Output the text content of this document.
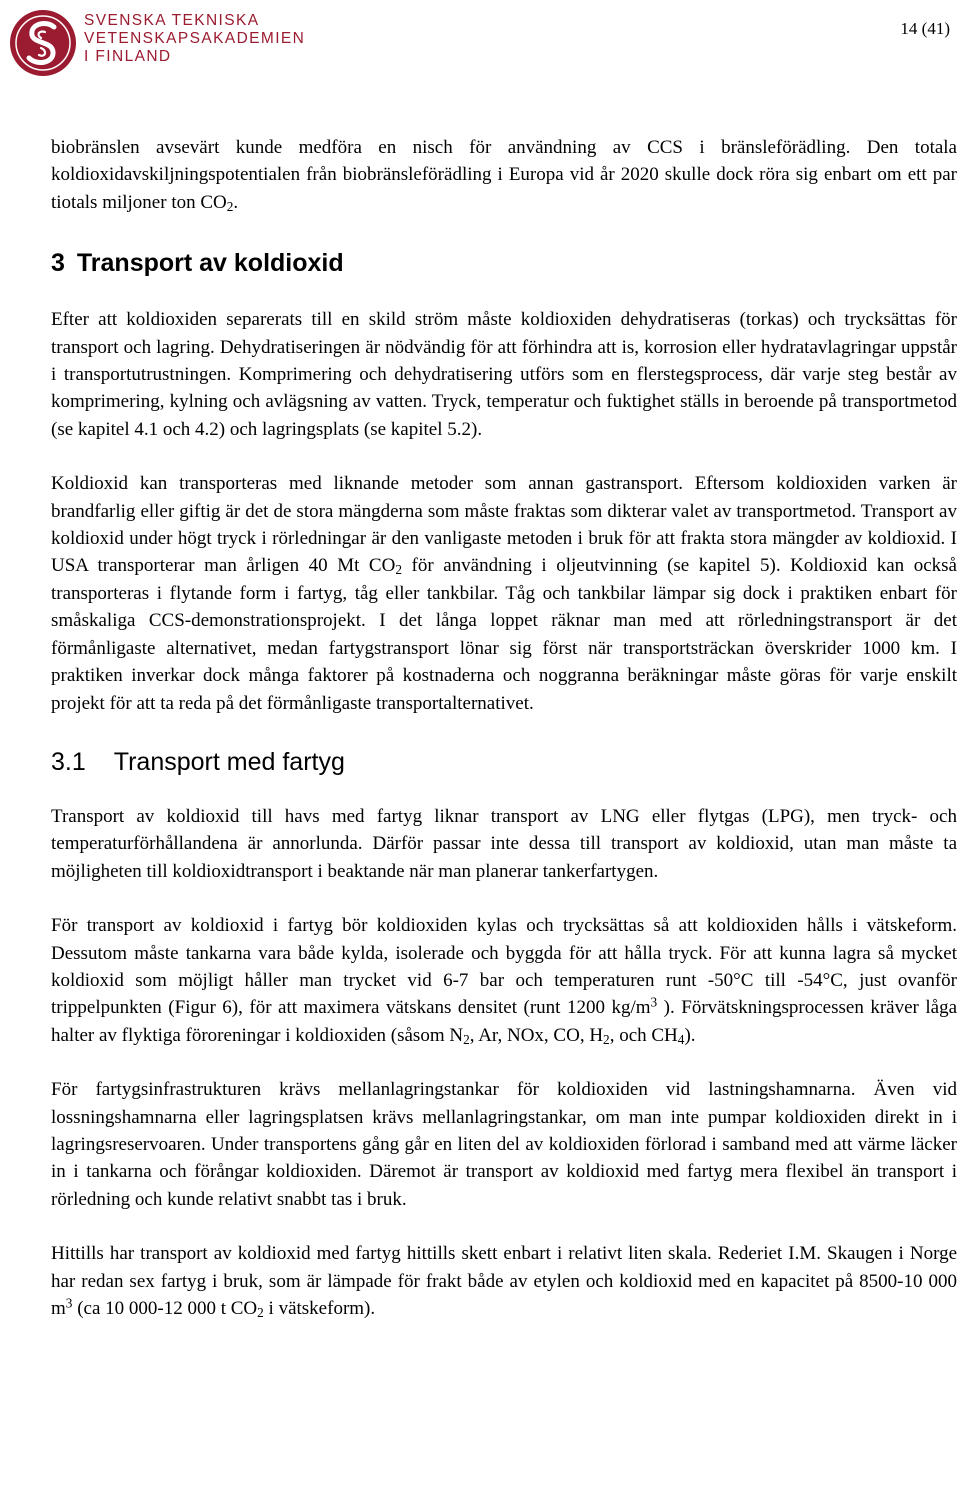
SVENSKA TEKNISKA
VETENSKAPSAKADEMIEN
I FINLAND
14 (41)

biobränslen avsevärt kunde medföra en nisch för användning av CCS i bränsleförädling. Den totala koldioxidavskiljningspotentialen från biobränsleförädling i Europa vid år 2020 skulle dock röra sig enbart om ett par tiotals miljoner ton $CO_2$.

3 Transport av koldioxid

Efter att koldioxiden separerats till en skild ström måste koldioxiden dehydratiseras (torkas) och trycksättas för transport och lagring. Dehydratiseringen är nödvändig för att förhindra att is, korrosion eller hydratavlagringar uppstår i transportutrustningen. Komprimering och dehydratisering utförs som en flerstegsprocess, där varje steg består av komprimering, kylning och avlägsning av vatten. Tryck, temperatur och fuktighet ställs in beroende på transportmetod (se kapitel 4.1 och 4.2) och lagringsplats (se kapitel 5.2).

Koldioxid kan transporteras med liknande metoder som annan gastransport. Eftersom koldioxiden varken är brandfarlig eller giftig är det de stora mängderna som måste fraktas som dikterar valet av transportmetod. Transport av koldioxid under högt tryck i rörledningar är den vanligaste metoden i bruk för att frakta stora mängder av koldioxid. I USA transporterar man årligen 40 Mt $CO_2$ för användning i oljeutvinning (se kapitel 5). Koldioxid kan också transporteras i flytande form i fartyg, tåg eller tankbilar. Tåg och tankbilar lämpar sig dock i praktiken enbart för småskaliga CCS-demonstrationsprojekt. I det långa loppet räknar man med att rörledningstransport är det förmånligaste alternativet, medan fartygstransport lönar sig först när transportsträckan överskrider 1000 km. I praktiken inverkar dock många faktorer på kostnaderna och noggranna beräkningar måste göras för varje enskilt projekt för att ta reda på det förmånligaste transportalternativet.

3.1 Transport med fartyg

Transport av koldioxid till havs med fartyg liknar transport av LNG eller flytgas (LPG), men tryck- och temperaturförhållandena är annorlunda. Därför passar inte dessa till transport av koldioxid, utan man måste ta möjligheten till koldioxidtransport i beaktande när man planerar tankerfartygen.

För transport av koldioxid i fartyg bör koldioxiden kylas och trycksättas så att koldioxiden hålls i vätskeform. Dessutom måste tankarna vara både kylda, isolerade och byggda för att hålla tryck. För att kunna lagra så mycket koldioxid som möjligt håller man trycket vid 6-7 bar och temperaturen runt -50°C till -54°C, just ovanför trippelpunkten (Figur 6), för att maximera vätskans densitet (runt 1200 $kg/m^3$ ). Förvätskningsprocessen kräver låga halter av flyktiga föroreningar i koldioxiden (såsom $N_2$, Ar, NOx, CO, $H_2$, och $CH_4$).

För fartygsinfrastrukturen krävs mellanlagringstankar för koldioxiden vid lastningshamnarna. Även vid lossningshamnarna eller lagringsplatsen krävs mellanlagringstankar, om man inte pumpar koldioxiden direkt in i lagringsreservoaren. Under transportens gång går en liten del av koldioxiden förlorad i samband med att värme läcker in i tankarna och förångar koldioxiden. Däremot är transport av koldioxid med fartyg mera flexibel än transport i rörledning och kunde relativt snabbt tas i bruk.

Hittills har transport av koldioxid med fartyg hittills skett enbart i relativt liten skala. Rederiet I.M. Skaugen i Norge har redan sex fartyg i bruk, som är lämpade för frakt både av etylen och koldioxid med en kapacitet på 8500-10 000 $m^3$ (ca 10 000-12 000 t $CO_2$ i vätskeform).
